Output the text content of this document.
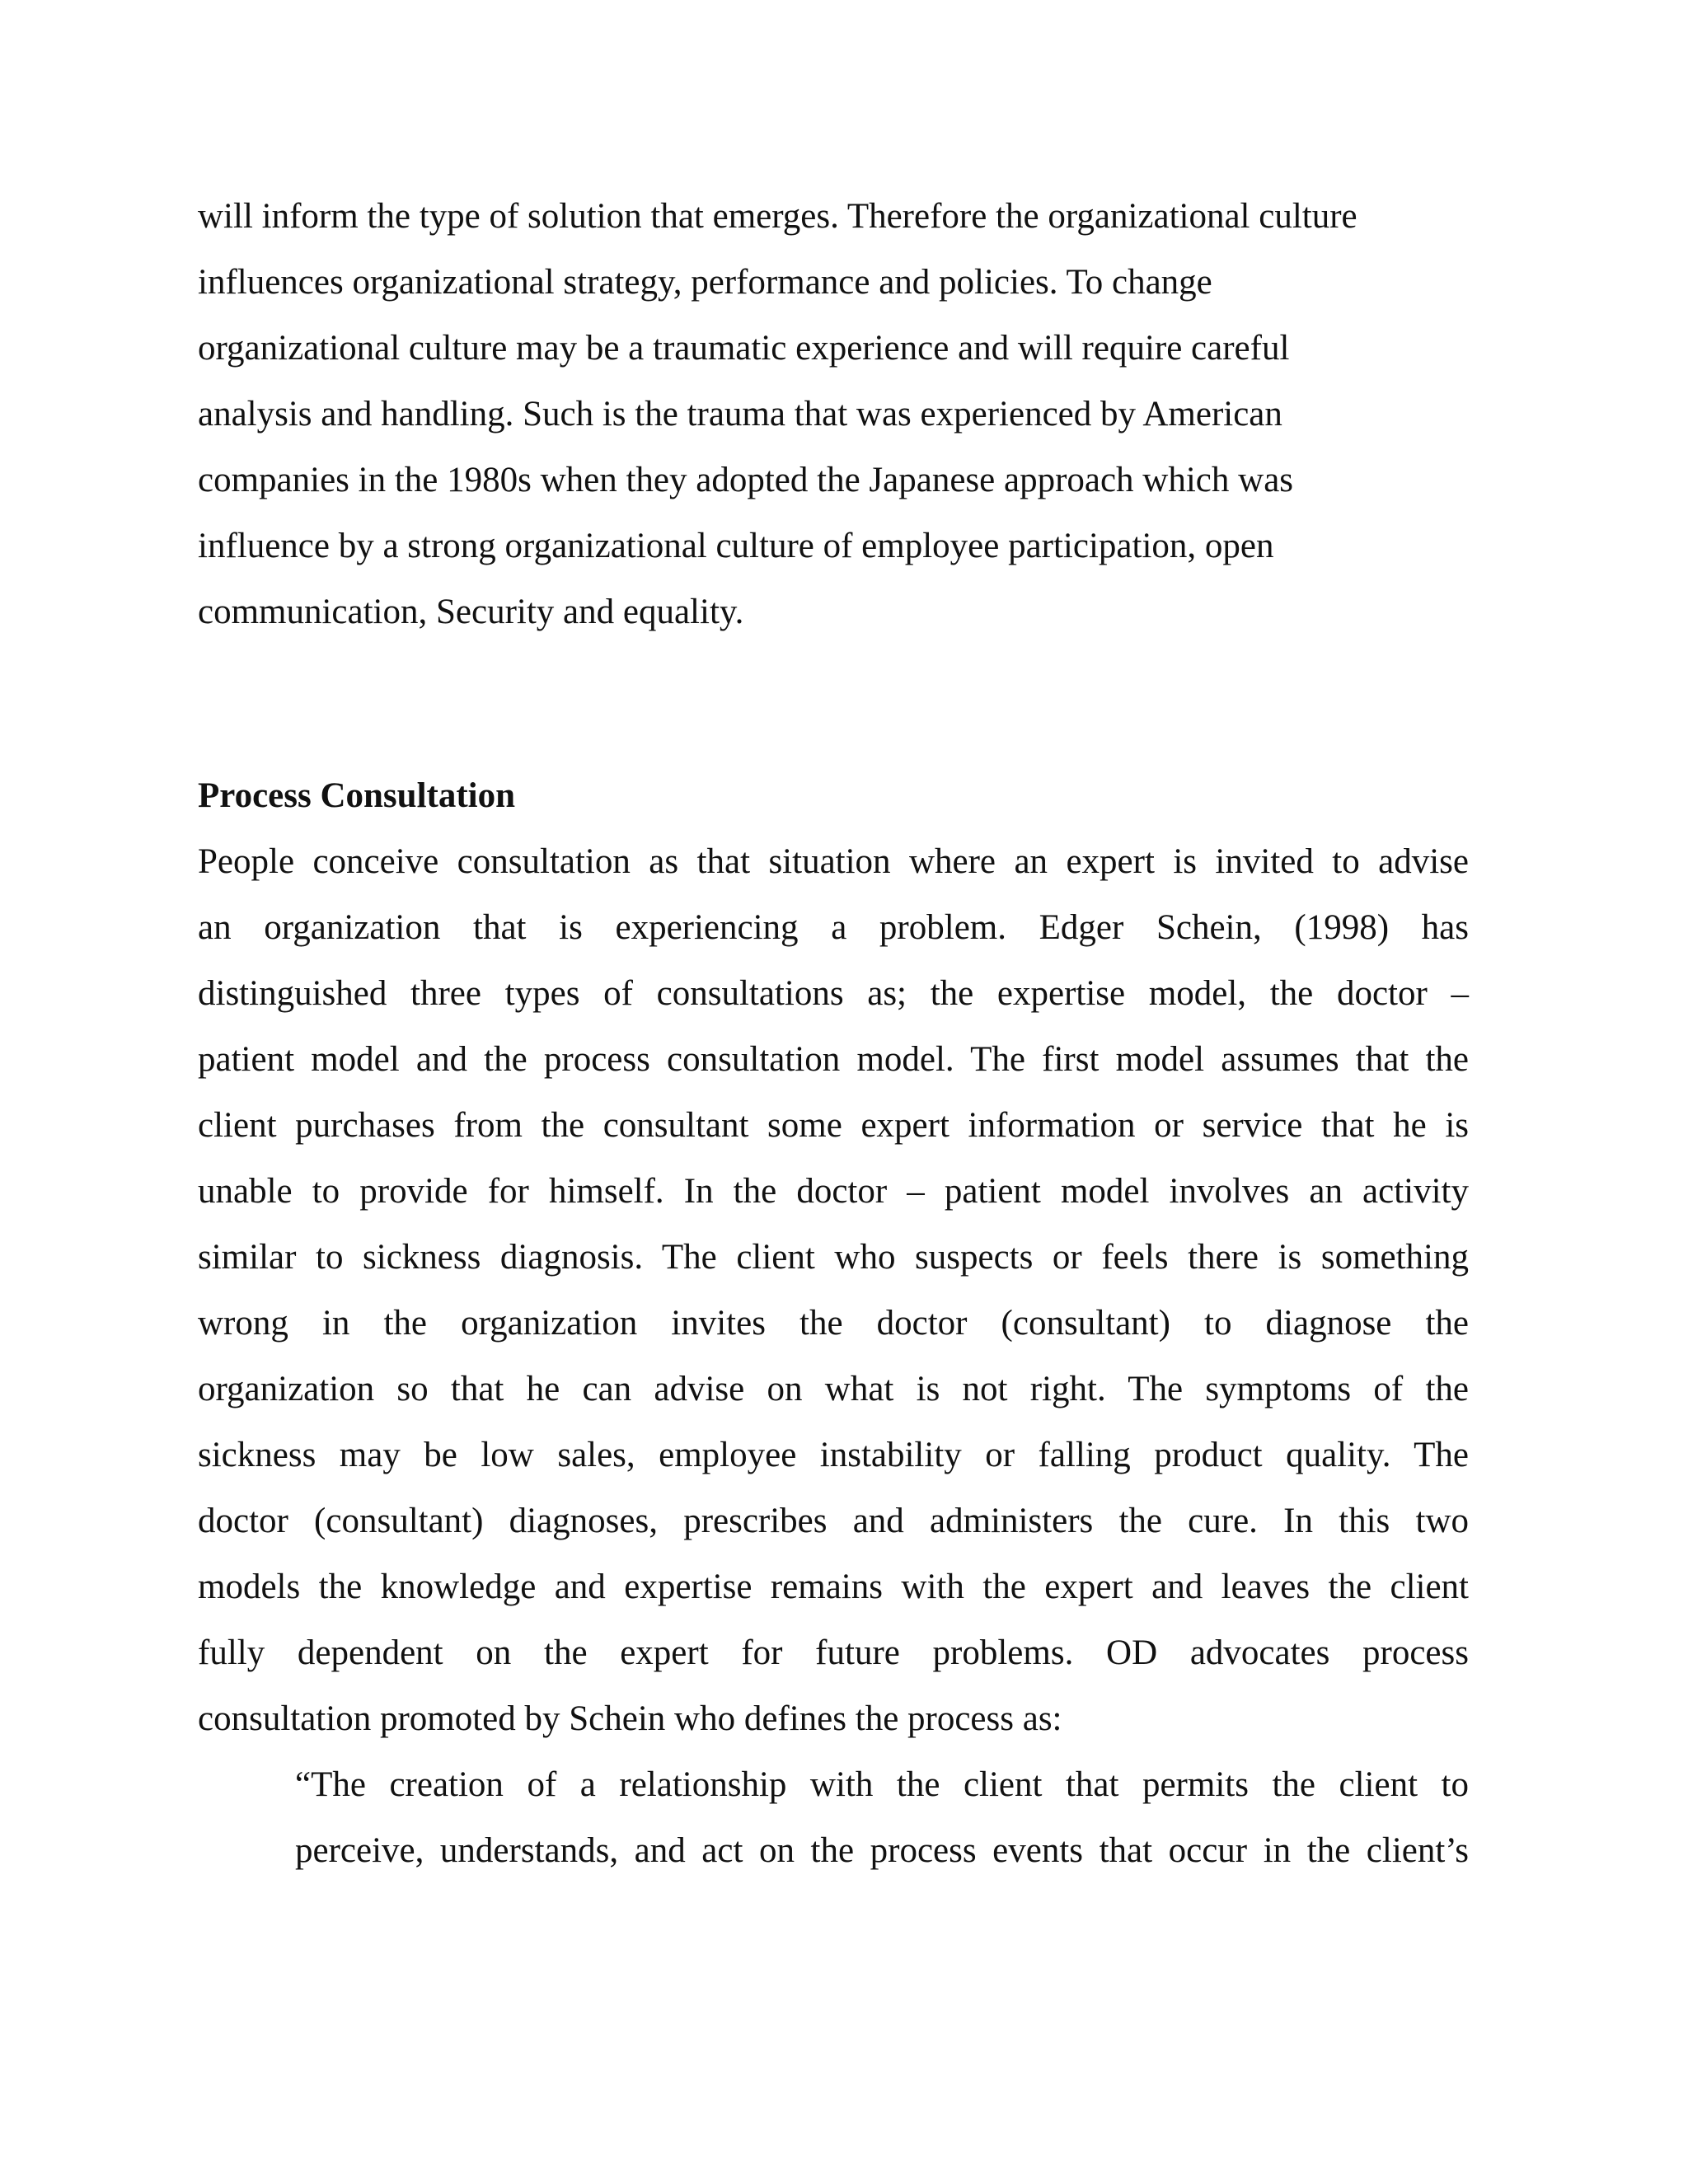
will inform the type of solution that emerges. Therefore the organizational culture
influences organizational strategy, performance and policies. To change
organizational culture may be a traumatic experience and will require careful
analysis and handling. Such is the trauma that was experienced by American
companies in the 1980s when they adopted the Japanese approach which was
influence by a strong organizational culture of employee participation, open
communication, Security and equality.
Process Consultation
People conceive consultation as that situation where an expert is invited to advise
an organization that is experiencing a problem. Edger Schein, (1998) has
distinguished three types of consultations as; the expertise model, the doctor –
patient model and the process consultation model. The first model assumes that the
client purchases from the consultant some expert information or service that he is
unable to provide for himself. In the doctor – patient model involves an activity
similar to sickness diagnosis. The client who suspects or feels there is something
wrong in the organization invites the doctor (consultant) to diagnose the
organization so that he can advise on what is not right. The symptoms of the
sickness may be low sales, employee instability or falling product quality. The
doctor (consultant) diagnoses, prescribes and administers the cure. In this two
models the knowledge and expertise remains with the expert and leaves the client
fully dependent on the expert for future problems. OD advocates process
consultation promoted by Schein who defines the process as:
“The creation of a relationship with the client that permits the client to
perceive, understands, and act on the process events that occur in the client’s
